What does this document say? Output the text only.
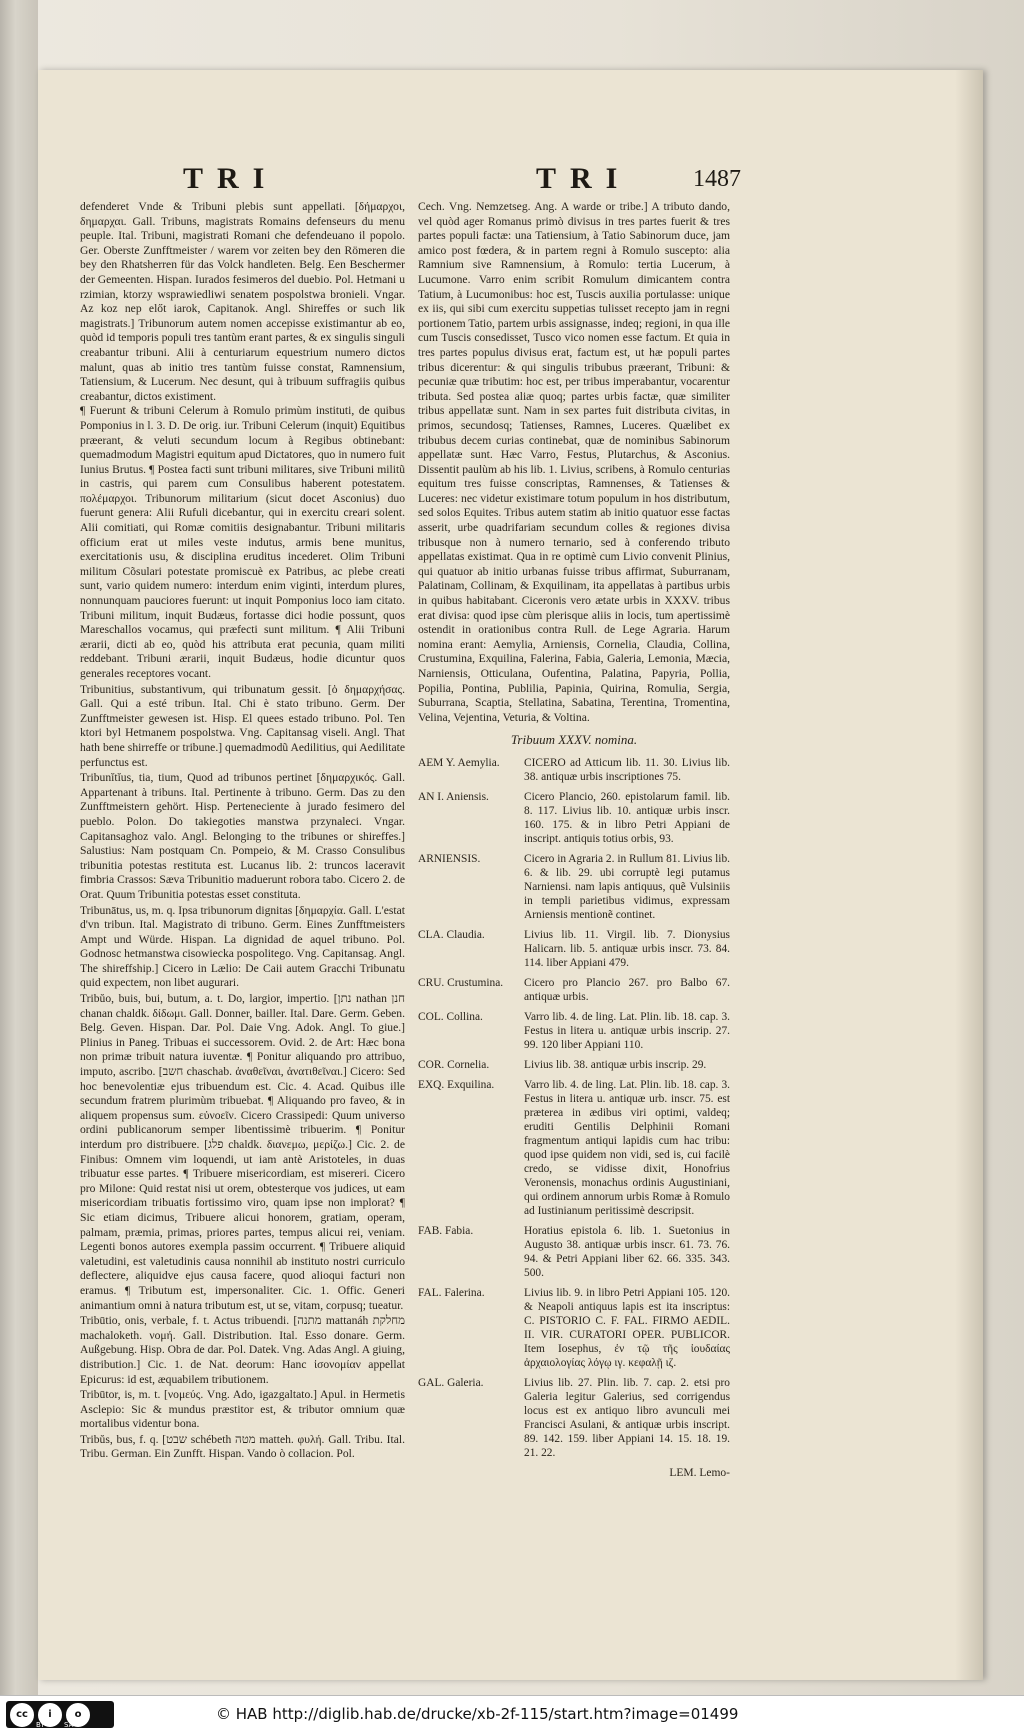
TRI	TRI	1487

defenderet Vnde & Tribuni plebis sunt appellati. [δήμαρχοι, δημαρχαι. Gall. Tribuns, magistrats Romains defenseurs du menu peuple. Ital. Tribuni, magistrati Romani che defendeuano il popolo. Ger. Oberste Zunfftmeister / warem vor zeiten bey den Römeren die bey den Rhatsherren für das Volck handleten. Belg. Een Beschermer der Gemeenten. Hispan. Iurados fesimeros del duebio. Pol. Hetmani u rzimian, ktorzy wsprawiedliwi senatem pospolstwa bronieli. Vngar. Az koz nep előt iarok, Capitanok. Angl. Shireffes or such lik magistrats.] Tribunorum autem nomen accepisse existimantur ab eo, quòd id temporis populi tres tantùm erant partes, & ex singulis singuli creabantur tribuni. Alii à centuriarum equestrium numero dictos malunt, quas ab initio tres tantùm fuisse constat, Ramnensium, Tatiensium, & Lucerum. Nec desunt, qui à tribuum suffragiis quibus creabantur, dictos existiment.

¶ Fuerunt & tribuni Celerum à Romulo primùm instituti, de quibus Pomponius in l. 3. D. De orig. iur. Tribuni Celerum (inquit) Equitibus præerant, & veluti secundum locum à Regibus obtinebant: quemadmodum Magistri equitum apud Dictatores, quo in numero fuit Iunius Brutus. ¶ Postea facti sunt tribuni militares, sive Tribuni militũ in castris, qui parem cum Consulibus haberent potestatem. πολέμαρχοι. Tribunorum militarium (sicut docet Asconius) duo fuerunt genera: Alii Rufuli dicebantur, qui in exercitu creari solent. Alii comitiati, qui Romæ comitiis designabantur. Tribuni militaris officium erat ut miles veste indutus, armis bene munitus, exercitationis usu, & disciplina eruditus incederet. Olim Tribuni militum Cõsulari potestate promiscuè ex Patribus, ac plebe creati sunt, vario quidem numero: interdum enim viginti, interdum plures, nonnunquam pauciores fuerunt: ut inquit Pomponius loco iam citato. Tribuni militum, inquit Budæus, fortasse dici hodie possunt, quos Mareschallos vocamus, qui præfecti sunt militum. ¶ Alii Tribuni ærarii, dicti ab eo, quòd his attributa erat pecunia, quam militi reddebant. Tribuni ærarii, inquit Budæus, hodie dicuntur quos generales receptores vocant.

Tribunitius, substantivum, qui tribunatum gessit. [ὁ δημαρχήσας. Gall. Qui a esté tribun. Ital. Chi è stato tribuno. Germ. Der Zunfftmeister gewesen ist. Hisp. El quees estado tribuno. Pol. Ten ktori byl Hetmanem pospolstwa. Vng. Capitansag viseli. Angl. That hath bene shirreffe or tribune.] quemadmodũ Aedilitius, qui Aedilitate perfunctus est.

Tribunĭtĭus, tia, tium, Quod ad tribunos pertinet [δημαρχικός. Gall. Appartenant à tribuns. Ital. Pertinente à tribuno. Germ. Das zu den Zunfftmeistern gehört. Hisp. Perteneciente à jurado fesimero del pueblo. Polon. Do takiegoties manstwa przynaleci. Vngar. Capitansaghoz valo. Angl. Belonging to the tribunes or shireffes.] Salustius: Nam postquam Cn. Pompeio, & M. Crasso Consulibus tribunitia potestas restituta est. Lucanus lib. 2: truncos laceravit fimbria Crassos: Sæva Tribunitio maduerunt robora tabo. Cicero 2. de Orat. Quum Tribunitia potestas esset constituta.

Tribunātus, us, m. q. Ipsa tribunorum dignitas [δημαρχία. Gall. L'estat d'vn tribun. Ital. Magistrato di tribuno. Germ. Eines Zunfftmeisters Ampt und Würde. Hispan. La dignidad de aquel tribuno. Pol. Godnosc hetmanstwa cisowiecka pospolitego. Vng. Capitansag. Angl. The shireffship.] Cicero in Lælio: De Caii autem Gracchi Tribunatu quid expectem, non libet augurari.

Tribŭo, buis, bui, butum, a. t. Do, largior, impertio. [נתן nathan חנן chanan chaldk. δίδωμι. Gall. Donner, bailler. Ital. Dare. Germ. Geben. Belg. Geven. Hispan. Dar. Pol. Daie Vng. Adok. Angl. To giue.] Plinius in Paneg. Tribuas ei successorem. Ovid. 2. de Art: Hæc bona non primæ tribuit natura iuventæ. ¶ Ponitur aliquando pro attribuo, imputo, ascribo. [חשב chaschab. ἀναθεῖναι, ἀνατιθεῖναι.] Cicero: Sed hoc benevolentiæ ejus tribuendum est. Cic. 4. Acad. Quibus ille secundum fratrem plurimùm tribuebat. ¶ Aliquando pro faveo, & in aliquem propensus sum. εὐνοεῖν. Cicero Crassipedi: Quum universo ordini publicanorum semper libentissimè tribuerim. ¶ Ponitur interdum pro distribuere. [פלג chaldk. διανεμω, μερίζω.] Cic. 2. de Finibus: Omnem vim loquendi, ut iam antè Aristoteles, in duas tribuatur esse partes. ¶ Tribuere misericordiam, est misereri. Cicero pro Milone: Quid restat nisi ut orem, obtesterque vos judices, ut eam misericordiam tribuatis fortissimo viro, quam ipse non implorat? ¶ Sic etiam dicimus, Tribuere alicui honorem, gratiam, operam, palmam, præmia, primas, priores partes, tempus alicui rei, veniam. Legenti bonos autores exempla passim occurrent. ¶ Tribuere aliquid valetudini, est valetudinis causa nonnihil ab instituto nostri curriculo deflectere, aliquidve ejus causa facere, quod alioqui facturi non eramus. ¶ Tributum est, impersonaliter. Cic. 1. Offic. Generi animantium omni à natura tributum est, ut se, vitam, corpusq; tueatur.

Tribūtio, onis, verbale, f. t. Actus tribuendi. [מתנה mattanáh מחלקת machaloketh. νομή. Gall. Distribution. Ital. Esso donare. Germ. Außgebung. Hisp. Obra de dar. Pol. Datek. Vng. Adas Angl. A giuing, distribution.] Cic. 1. de Nat. deorum: Hanc ἰσονομίαν appellat Epicurus: id est, æquabilem tributionem.

Tribūtor, is, m. t. [νομεύς. Vng. Ado, igazgaltato.] Apul. in Hermetis Asclepio: Sic & mundus præstitor est, & tributor omnium quæ mortalibus videntur bona.

Tribŭs, bus, f. q. [שבט schébeth מטה matteh. φυλή. Gall. Tribu. Ital. Tribu. German. Ein Zunfft. Hispan. Vando ò collacion. Pol.

Cech. Vng. Nemzetseg. Ang. A warde or tribe.] A tributo dando, vel quòd ager Romanus primò divisus in tres partes fuerit & tres partes populi factæ: una Tatiensium, à Tatio Sabinorum duce, jam amico post fœdera, & in partem regni à Romulo suscepto: alia Ramnium sive Ramnensium, à Romulo: tertia Lucerum, à Lucumone. Varro enim scribit Romulum dimicantem contra Tatium, à Lucumonibus: hoc est, Tuscis auxilia portulasse: unique ex iis, qui sibi cum exercitu suppetias tulisset recepto jam in regni portionem Tatio, partem urbis assignasse, indeq; regioni, in qua ille cum Tuscis consedisset, Tusco vico nomen esse factum. Et quia in tres partes populus divisus erat, factum est, ut hæ populi partes tribus dicerentur: & qui singulis tribubus præerant, Tribuni: & pecuniæ quæ tributim: hoc est, per tribus imperabantur, vocarentur tributa. Sed postea aliæ quoq; partes urbis factæ, quæ similiter tribus appellatæ sunt. Nam in sex partes fuit distributa civitas, in primos, secundosq; Tatienses, Ramnes, Luceres. Quælibet ex tribubus decem curias continebat, quæ de nominibus Sabinorum appellatæ sunt. Hæc Varro, Festus, Plutarchus, & Asconius. Dissentit paulùm ab his lib. 1. Livius, scribens, à Romulo centurias equitum tres fuisse conscriptas, Ramnenses, & Tatienses & Luceres: nec videtur existimare totum populum in hos distributum, sed solos Equites. Tribus autem statim ab initio quatuor esse factas asserit, urbe quadrifariam secundum colles & regiones divisa tribusque non à numero ternario, sed à conferendo tributo appellatas existimat. Qua in re optimè cum Livio convenit Plinius, qui quatuor ab initio urbanas fuisse tribus affirmat, Suburranam, Palatinam, Collinam, & Exquilinam, ita appellatas à partibus urbis in quibus habitabant. Ciceronis vero ætate urbis in XXXV. tribus erat divisa: quod ipse cùm plerisque aliis in locis, tum apertissimè ostendit in orationibus contra Rull. de Lege Agraria. Harum nomina erant: Aemylia, Arniensis, Cornelia, Claudia, Collina, Crustumina, Exquilina, Falerina, Fabia, Galeria, Lemonia, Mæcia, Narniensis, Otticulana, Oufentina, Palatina, Papyria, Pollia, Popilia, Pontina, Publilia, Papinia, Quirina, Romulia, Sergia, Suburrana, Scaptia, Stellatina, Sabatina, Terentina, Tromentina, Velina, Vejentina, Veturia, & Voltina.

Tribuum XXXV. nomina.
AEM Y. Aemylia.	CICERO ad Atticum lib. 11. 30. Livius lib. 38. antiquæ urbis inscriptiones 75.
AN I. Aniensis.	Cicero Plancio, 260. epistolarum famil. lib. 8. 117. Livius lib. 10. antiquæ urbis inscr. 160. 175. & in libro Petri Appiani de inscript. antiquis totius orbis, 93.
ARNIENSIS.	Cicero in Agraria 2. in Rullum 81. Livius lib. 6. & lib. 29. ubi corruptè legi putamus Narniensi. nam lapis antiquus, quẽ Vulsiniis in templi parietibus vidimus, expressam Arniensis mentionẽ continet.
CLA. Claudia.	Livius lib. 11. Virgil. lib. 7. Dionysius Halicarn. lib. 5. antiquæ urbis inscr. 73. 84. 114. liber Appiani 479.
CRU. Crustumina.	Cicero pro Plancio 267. pro Balbo 67. antiquæ urbis.
COL. Collina.	Varro lib. 4. de ling. Lat. Plin. lib. 18. cap. 3. Festus in litera u. antiquæ urbis inscrip. 27. 99. 120 liber Appiani 110.
COR. Cornelia.	Livius lib. 38. antiquæ urbis inscrip. 29.
EXQ. Exquilina.	Varro lib. 4. de ling. Lat. Plin. lib. 18. cap. 3. Festus in litera u. antiquæ urb. inscr. 75. est præterea in ædibus viri optimi, valdeq; eruditi Gentilis Delphinii Romani fragmentum antiqui lapidis cum hac tribu: quod ipse quidem non vidi, sed is, cui facilè credo, se vidisse dixit, Honofrius Veronensis, monachus ordinis Augustiniani, qui ordinem annorum urbis Romæ à Romulo ad Iustinianum peritissimè descripsit.
FAB. Fabia.	Horatius epistola 6. lib. 1. Suetonius in Augusto 38. antiquæ urbis inscr. 61. 73. 76. 94. & Petri Appiani liber 62. 66. 335. 343. 500.
FAL. Falerina.	Livius lib. 9. in libro Petri Appiani 105. 120. & Neapoli antiquus lapis est ita inscriptus: C. PISTORIO C. F. FAL. FIRMO AEDIL. II. VIR. CURATORI OPER. PUBLICOR. Item Iosephus, ἐν τῷ τῆς ἰουδαίας ἀρχαιολογίας λόγῳ ιγ. κεφαλῇ ιζ.
GAL. Galeria.	Livius lib. 27. Plin. lib. 7. cap. 2. etsi pro Galeria legitur Galerius, sed corrigendus locus est ex antiquo libro avunculi mei Francisci Asulani, & antiquæ urbis inscript. 89. 142. 159. liber Appiani 14. 15. 18. 19. 21. 22.
LEM. Lemo-
cc	i	o
BY	SA
© HAB http://diglib.hab.de/drucke/xb-2f-115/start.htm?image=01499
